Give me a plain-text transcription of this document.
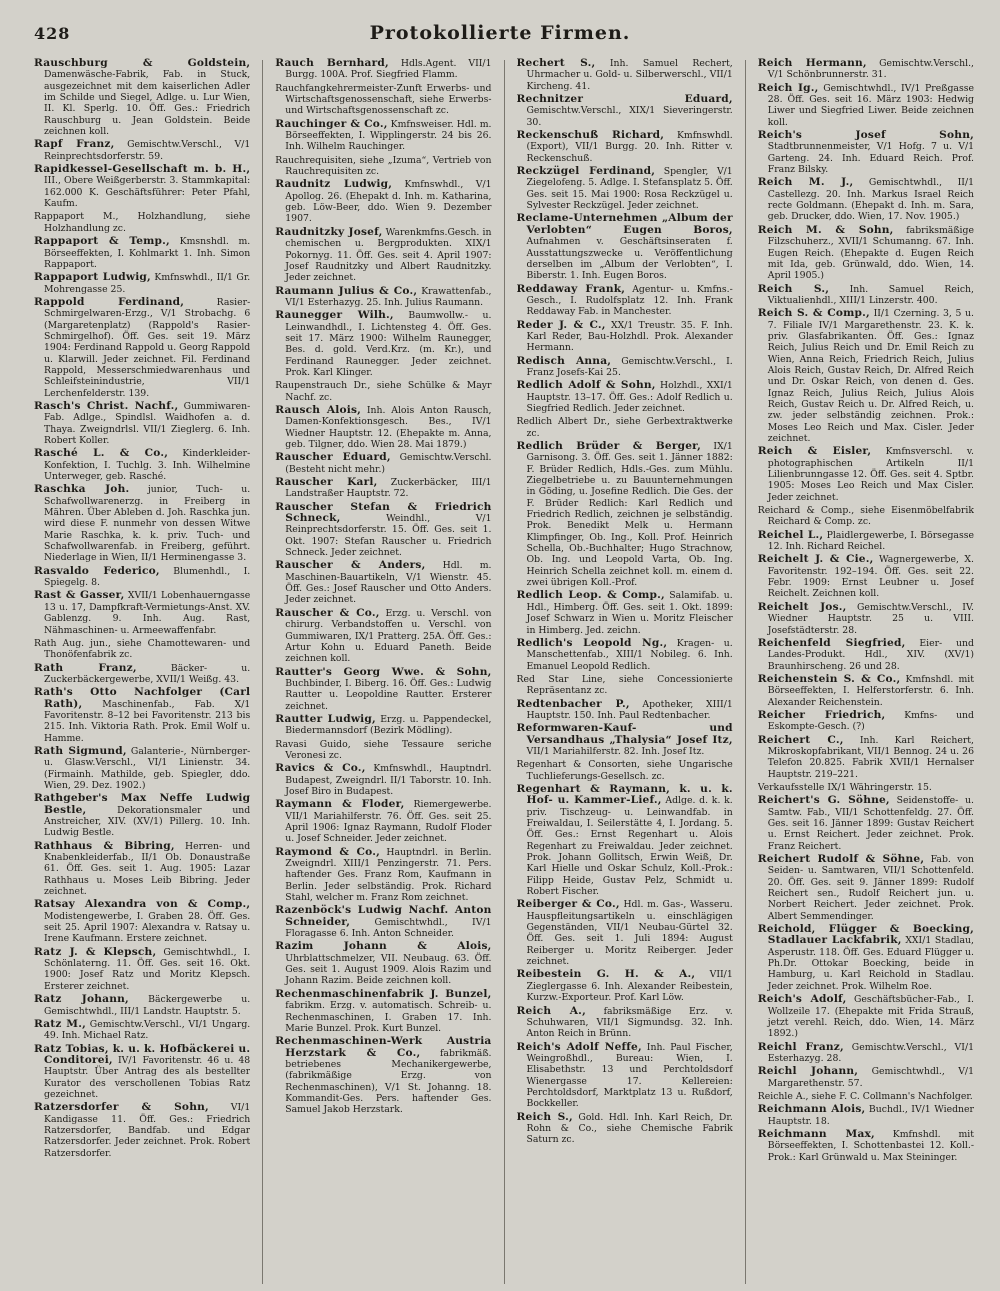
428	Protokollierte Firmen.

Rauschburg & Goldstein, Damenwäsche-Fabrik, Fab. in Stuck, ausgezeichnet mit dem kaiserlichen Adler im Schilde und Siegel, Adlge. u. Lur Wien, II. Kl. Sperlg. 10. Öff. Ges.: Friedrich Rauschburg u. Jean Goldstein. Beide zeichnen koll.

Rapf Franz, Gemischtw.Verschl., V/1 Reinprechtsdorferstr. 59.

Rapidkessel-Gesellschaft m. b. H., III., Obere Weißgerberstr. 3. Stammkapital: 162.000 K. Geschäftsführer: Peter Pfahl, Kaufm.

Rappaport M., Holzhandlung, siehe Holzhandlung zc.

Rappaport & Temp., Kmsnshdl. m. Börseeffekten, I. Kohlmarkt 1. Inh. Simon Rappaport.

Rappaport Ludwig, Kmfnswhdl., II/1 Gr. Mohrengasse 25.

Rappold Ferdinand,	Rasier-Schmirgelwaren-Erzg., V/1 Strobachg. 6 (Margaretenplatz) (Rappold's Rasier-Schmirgelhof). Öff. Ges. seit 19. März 1904: Ferdinand Rappold u. Georg Rappold u. Klarwill. Jeder zeichnet. Fil. Ferdinand Rappold, Messerschmiedwarenhaus und Schleifsteinindustrie, VII/1 Lerchenfelderstr. 139.

Rasch's Christ. Nachf., Gummiwaren-Fab. Adlge., Spindlsl. Waidhofen a. d. Thaya. Zweigndrlsl. VII/1 Zieglerg. 6. Inh. Robert Koller.

Rasché L. & Co., Kinderkleider-Konfektion, I. Tuchlg. 3. Inh. Wilhelmine Unterweger, geb. Rasché.

Raschka Joh. junior, Tuch- u. Schafwollwarenerzg. in Freiberg in Mähren. Über Ableben d. Joh. Raschka jun. wird diese F. nunmehr von dessen Witwe Marie Raschka, k. k. priv. Tuch- und Schafwollwarenfab. in Freiberg, geführt. Niederlage in Wien, II/1 Herminengasse 3.

Rasvaldo Federico, Blumenhdl., I. Spiegelg. 8.

Rast & Gasser, XVII/1 Lobenhauerngasse 13 u. 17, Dampfkraft-Vermietungs-Anst. XV. Gablenzg. 9. Inh. Aug. Rast, Nähmaschinen- u. Armeewaffenfabr.

Rath Aug. jun., siehe Chamottewaren- und Thonöfenfabrik zc.

Rath Franz,	Bäcker- u. Zuckerbäckergewerbe, XVII/1 Weißg. 43.

Rath's Otto Nachfolger (Carl Rath), Maschinenfab., Fab. X/1 Favoritenstr. 8–12 bei Favoritenstr. 213 bis 215. Inh. Viktoria Rath. Prok. Emil Wolf u. Hamme.

Rath Sigmund, Galanterie-, Nürnberger- u. Glasw.Verschl., VI/1 Linienstr. 34. (Firmainh. Mathilde, geb. Spiegler, ddo. Wien, 29. Dez. 1902.)

Rathgeber's Max Neffe Ludwig Bestle,	Dekorationsmaler und Anstreicher, XIV. (XV/1) Pillerg. 10. Inh. Ludwig Bestle.

Rathhaus & Bibring, Herren- und Knabenkleiderfab., II/1 Ob. Donaustraße 61. Öff. Ges. seit 1. Aug. 1905: Lazar Rathhaus u. Moses Leib Bibring. Jeder zeichnet.

Ratsay Alexandra von & Comp., Modistengewerbe, I. Graben 28. Öff. Ges. seit 25. April 1907: Alexandra v. Ratsay u. Irene Kaufmann. Erstere zeichnet.

Ratz J. & Klepsch, Gemischtwhdl., I. Schönlaterng. 11. Öff. Ges. seit 16. Okt. 1900: Josef Ratz und Moritz Klepsch. Ersterer zeichnet.

Ratz Johann, Bäckergewerbe u. Gemischtwhdl., III/1 Landstr. Hauptstr. 5.

Ratz M., Gemischtw.Verschl., VI/1 Ungarg. 49. Inh. Michael Ratz.

Ratz Tobias, k. u. k. Hofbäckerei u. Conditorei, IV/1 Favoritenstr. 46 u. 48 Hauptstr. Über Antrag des als bestellter Kurator des verschollenen Tobias Ratz gezeichnet.

Ratzersdorfer & Sohn, VI/1 Kandigasse 11. Öff. Ges.: Friedrich Ratzersdorfer, Bandfab. und Edgar Ratzersdorfer. Jeder zeichnet. Prok. Robert Ratzersdorfer.

Rauch Bernhard, Hdls.Agent. VII/1 Burgg. 100A. Prof. Siegfried Flamm.

Rauchfangkehrermeister-Zunft Erwerbs- und Wirtschaftsgenossenschaft, siehe Erwerbs- und Wirtschaftsgenossenschaft zc.

Rauchinger & Co., Kmfnsweiser. Hdl. m. Börseeffekten, I. Wipplingerstr. 24 bis 26. Inh. Wilhelm Rauchinger.

Rauchrequisiten, siehe „Izuma“, Vertrieb von Rauchrequisiten zc.

Raudnitz Ludwig, Kmfnswhdl., V/1 Apollog. 26. (Ehepakt d. Inh. m. Katharina, geb. Löw-Beer, ddo. Wien 9. Dezember 1907.

Raudnitzky Josef, Warenkmfns.Gesch. in chemischen u. Bergprodukten. XIX/1 Pokornyg. 11. Öff. Ges. seit 4. April 1907: Josef Raudnitzky und Albert Raudnitzky. Jeder zeichnet.

Raumann Julius & Co., Krawattenfab., VI/1 Esterhazyg. 25. Inh. Julius Raumann.

Raunegger Wilh., Baumwollw.- u. Leinwandhdl., I. Lichtensteg 4. Öff. Ges. seit 17. März 1900: Wilhelm Raunegger, Bes. d. gold. Verd.Krz. (m. Kr.), und Ferdinand Raunegger. Jeder zeichnet. Prok. Karl Klinger.

Raupenstrauch Dr., siehe Schülke & Mayr Nachf. zc.

Rausch Alois, Inh. Alois Anton Rausch, Damen-Konfektionsgesch. Bes., IV/1 Wiedner Hauptstr. 12. (Ehepakte m. Anna, geb. Tilgner, ddo. Wien 28. Mai 1879.)

Rauscher Eduard, Gemischtw.Verschl. (Besteht nicht mehr.)

Rauscher Karl, Zuckerbäcker, III/1 Landstraßer Hauptstr. 72.

Rauscher Stefan & Friedrich Schneck,	Weindhl., V/1 Reinprechtsdorferstr. 15. Öff. Ges. seit 1. Okt. 1907: Stefan Rauscher u. Friedrich Schneck. Jeder zeichnet.

Rauscher & Anders, Hdl. m. Maschinen-Bauartikeln, V/1 Wienstr. 45. Öff. Ges.: Josef Rauscher und Otto Anders. Jeder zeichnet.

Rauscher & Co., Erzg. u. Verschl. von chirurg. Verbandstoffen u. Verschl. von Gummiwaren, IX/1 Pratterg. 25A. Öff. Ges.: Artur Kohn u. Eduard Paneth. Beide zeichnen koll.

Rautter's Georg Wwe. & Sohn, Buchbinder, I. Biberg. 16. Öff. Ges.: Ludwig Rautter u. Leopoldine Rautter. Ersterer zeichnet.

Rautter Ludwig, Erzg. u. Pappendeckel, Biedermannsdorf (Bezirk Mödling).

Ravasi Guido, siehe Tessaure seriche Veronesi zc.

Ravics & Co., Kmfnswhdl., Hauptndrl. Budapest, Zweigndrl. II/1 Taborstr. 10. Inh. Josef Biro in Budapest.

Raymann & Floder, Riemergewerbe. VII/1 Mariahilferstr. 76. Öff. Ges. seit 25. April 1906: Ignaz Raymann, Rudolf Floder u. Josef Schneider. Jeder zeichnet.

Raymond & Co., Hauptndrl. in Berlin. Zweigndrl. XIII/1 Penzingerstr. 71. Pers. haftender Ges. Franz Rom, Kaufmann in Berlin. Jeder selbständig. Prok. Richard Stahl, welcher m. Franz Rom zeichnet.

Razenböck's Ludwig Nachf. Anton Schneider,	Gemischtwhdl., IV/1 Floragasse 6. Inh. Anton Schneider.

Razim Johann & Alois, Uhrblattschmelzer, VII. Neubaug. 63. Öff. Ges. seit 1. August 1909. Alois Razim und Johann Razim. Beide zeichnen koll.

Rechenmaschinenfabrik J. Bunzel, fabrikm. Erzg. v. automatisch. Schreib- u. Rechenmaschinen, I. Graben 17. Inh. Marie Bunzel. Prok. Kurt Bunzel.

Rechenmaschinen-Werk Austria Herzstark & Co., fabrikmäß. betriebenes Mechanikergewerbe, (fabrikmäßige Erzg. von Rechenmaschinen), V/1 St. Johanng. 18. Kommandit-Ges. Pers. haftender Ges. Samuel Jakob Herzstark.

Rechert S., Inh. Samuel Rechert, Uhrmacher u. Gold- u. Silberwerschl., VII/1 Kircheng. 41.

Rechnitzer Eduard, Gemischtw.Verschl., XIX/1 Sieveringerstr. 30.

Reckenschuß Richard, Kmfnswhdl. (Export), VII/1 Burgg. 20. Inh. Ritter v. Reckenschuß.

Reckzügel Ferdinand, Spengler, V/1 Ziegelofeng. 5. Adlge. I. Stefansplatz 5. Öff. Ges. seit 15. Mai 1900: Rosa Reckzügel u. Sylvester Reckzügel. Jeder zeichnet.

Reclame-Unternehmen „Album der Verlobten“ Eugen Boros, Aufnahmen v. Geschäftsinseraten f. Ausstattungszwecke u. Veröffentlichung derselben im „Album der Verlobten“, I. Biberstr. 1. Inh. Eugen Boros.

Reddaway Frank, Agentur- u. Kmfns.-Gesch., I. Rudolfsplatz 12. Inh. Frank Reddaway Fab. in Manchester.

Reder J. & C., XX/1 Treustr. 35. F. Inh. Karl Reder, Bau-Holzhdl. Prok. Alexander Hermann.

Redisch Anna, Gemischtw.Verschl., I. Franz Josefs-Kai 25.

Redlich Adolf & Sohn, Holzhdl., XXI/1 Hauptstr. 13–17. Öff. Ges.: Adolf Redlich u. Siegfried Redlich. Jeder zeichnet.

Redlich Albert Dr., siehe Gerbextraktwerke zc.

Redlich Brüder & Berger, IX/1 Garnisong. 3. Öff. Ges. seit 1. Jänner 1882: F. Brüder Redlich, Hdls.-Ges. zum Mühlu. Ziegelbetriebe u. zu Bauunternehmungen in Göding, u. Josefine Redlich. Die Ges. der F. Brüder Redlich: Karl Redlich und Friedrich Redlich, zeichnen je selbständig. Prok. Benedikt Melk u. Hermann Klimpfinger, Ob. Ing., Koll. Prof. Heinrich Schella, Ob.-Buchhalter; Hugo Strachnow, Ob. Ing. und Leopold Varta, Ob. Ing. Heinrich Schella zeichnet koll. m. einem d. zwei übrigen Koll.-Prof.

Redlich Leop. & Comp., Salamifab. u. Hdl., Himberg. Öff. Ges. seit 1. Okt. 1899: Josef Schwarz in Wien u. Moritz Fleischer in Himberg. Jed. zeichn.

Redlich's Leopold Ng., Kragen- u. Manschettenfab., XIII/1 Nobileg. 6. Inh. Emanuel Leopold Redlich.

Red Star Line, siehe Concessionierte Repräsentanz zc.

Redtenbacher P., Apotheker, XIII/1 Hauptstr. 150. Inh. Paul Redtenbacher.

Reformwaren-Kauf- und Versandhaus „Thalysia“ Josef Itz, VII/1 Mariahilferstr. 82. Inh. Josef Itz.

Regenhart & Consorten, siehe Ungarische Tuchlieferungs-Gesellsch. zc.

Regenhart & Raymann, k. u. k. Hof- u. Kammer-Lief., Adlge. d. k. k. priv. Tischzeug- u. Leinwandfab. in Freiwaldau, I. Seilerstätte 4, I. Jordang. 5. Öff. Ges.: Ernst Regenhart u. Alois Regenhart zu Freiwaldau. Jeder zeichnet. Prok. Johann Gollitsch, Erwin Weiß, Dr. Karl Hielle und Oskar Schulz, Koll.-Prok.: Filipp Heide, Gustav Pelz, Schmidt u. Robert Fischer.

Reiberger & Co., Hdl. m. Gas-, Wasseru. Hauspfleitungsartikeln u. einschlägigen Gegenständen, VII/1 Neubau-Gürtel 32. Öff. Ges. seit 1. Juli 1894: August Reiberger u. Moritz Reiberger. Jeder zeichnet.

Reibestein G. H. & A., VII/1 Zieglergasse 6. Inh. Alexander Reibestein, Kurzw.-Exporteur. Prof. Karl Löw.

Reich A., fabriksmäßige Erz. v. Schuhwaren, VII/1 Sigmundsg. 32. Inh. Anton Reich in Brünn.

Reich's Adolf Neffe, Inh. Paul Fischer, Weingroßhdl., Bureau: Wien, I. Elisabethstr. 13 und Perchtoldsdorf Wienergasse 17. Kellereien: Perchtoldsdorf, Marktplatz 13 u. Rußdorf, Bockkeller.

Reich S., Gold. Hdl. Inh. Karl Reich, Dr. Rohn & Co., siehe Chemische Fabrik Saturn zc.

Reich Hermann, Gemischtw.Verschl., V/1 Schönbrunnerstr. 31.

Reich Ig., Gemischtwhdl., IV/1 Preßgasse 28. Öff. Ges. seit 16. März 1903: Hedwig Liwer und Siegfried Liwer. Beide zeichnen koll.

Reich's Josef Sohn, Stadtbrunnenmeister, V/1 Hofg. 7 u. V/1 Garteng. 24. Inh. Eduard Reich. Prof. Franz Bilsky.

Reich M. J., Gemischtwhdl., II/1 Castellezg. 20. Inh. Markus Israel Reich recte Goldmann. (Ehepakt d. Inh. m. Sara, geb. Drucker, ddo. Wien, 17. Nov. 1905.)

Reich M. & Sohn, fabriksmäßige Filzschuherz., XVII/1 Schumanng. 67. Inh. Eugen Reich. (Ehepakte d. Eugen Reich mit Ida, geb. Grünwald, ddo. Wien, 14. April 1905.)

Reich S., Inh. Samuel Reich, Viktualienhdl., XIII/1 Linzerstr. 400.

Reich S. & Comp., II/1 Czerning. 3, 5 u. 7. Filiale IV/1 Margarethenstr. 23. K. k. priv. Glasfabrikanten. Öff. Ges.: Ignaz Reich, Julius Reich und Dr. Emil Reich zu Wien, Anna Reich, Friedrich Reich, Julius Alois Reich, Gustav Reich, Dr. Alfred Reich und Dr. Oskar Reich, von denen d. Ges. Ignaz Reich, Julius Reich, Julius Alois Reich, Gustav Reich u. Dr. Alfred Reich, u. zw. jeder selbständig zeichnen. Prok.: Moses Leo Reich und Max. Cisler. Jeder zeichnet.

Reich & Eisler, Kmfnsverschl. v. photographischen Artikeln II/1 Lilienbrunngasse 12. Öff. Ges. seit 4. Sptbr. 1905: Moses Leo Reich und Max Cisler. Jeder zeichnet.

Reichard & Comp., siehe Eisenmöbelfabrik Reichard & Comp. zc.

Reichel L., Plaidlergewerbe, I. Börsegasse 12. Inh. Richard Reichel.

Reichelt J. & Cie., Wagnergewerbe, X. Favoritenstr. 192–194. Öff. Ges. seit 22. Febr. 1909: Ernst Leubner u. Josef Reichelt. Zeichnen koll.

Reichelt Jos., Gemischtw.Verschl., IV. Wiedner Hauptstr. 25 u. VIII. Josefstädterstr. 28.

Reichenfeld Siegfried, Eier- und Landes-Produkt. Hdl., XIV. (XV/1) Braunhirscheng. 26 und 28.

Reichenstein S. & Co., Kmfnshdl. mit Börseeffekten, I. Helferstorferstr. 6. Inh. Alexander Reichenstein.

Reicher Friedrich, Kmfns- und Eskompte-Gesch. (?)

Reichert C., Inh. Karl Reichert, Mikroskopfabrikant, VII/1 Bennog. 24 u. 26 Telefon 20.825. Fabrik XVII/1 Hernalser Hauptstr. 219–221.

Verkaufsstelle IX/1 Währingerstr. 15.

Reichert's G. Söhne, Seidenstoffe- u. Samtw. Fab., VII/1 Schottenfeldg. 27. Öff. Ges. seit 16. Jänner 1899: Gustav Reichert u. Ernst Reichert. Jeder zeichnet. Prok. Franz Reichert.

Reichert Rudolf & Söhne, Fab. von Seiden- u. Samtwaren, VII/1 Schottenfeld. 20. Öff. Ges. seit 9. Jänner 1899: Rudolf Reichert sen., Rudolf Reichert jun. u. Norbert Reichert. Jeder zeichnet. Prok. Albert Semmendinger.

Reichold, Flügger & Boecking, Stadlauer Lackfabrik, XXI/1 Stadlau, Asperustr. 118. Öff. Ges. Eduard Flügger u. Ph.Dr. Ottokar Boecking, beide in Hamburg, u. Karl Reichold in Stadlau. Jeder zeichnet. Prok. Wilhelm Roe.

Reich's Adolf, Geschäftsbücher-Fab., I. Wollzeile 17. (Ehepakte mit Frida Strauß, jetzt verehl. Reich, ddo. Wien, 14. März 1892.)

Reichl Franz, Gemischtw.Verschl., VI/1 Esterhazyg. 28.

Reichl Johann, Gemischtwhdl., V/1 Margarethenstr. 57.

Reichle A., siehe F. C. Collmann's Nachfolger.

Reichmann Alois, Buchdl., IV/1 Wiedner Hauptstr. 18.

Reichmann Max, Kmfnshdl. mit Börseeffekten, I. Schottenbastei 12. Koll.-Prok.: Karl Grünwald u. Max Steininger.
